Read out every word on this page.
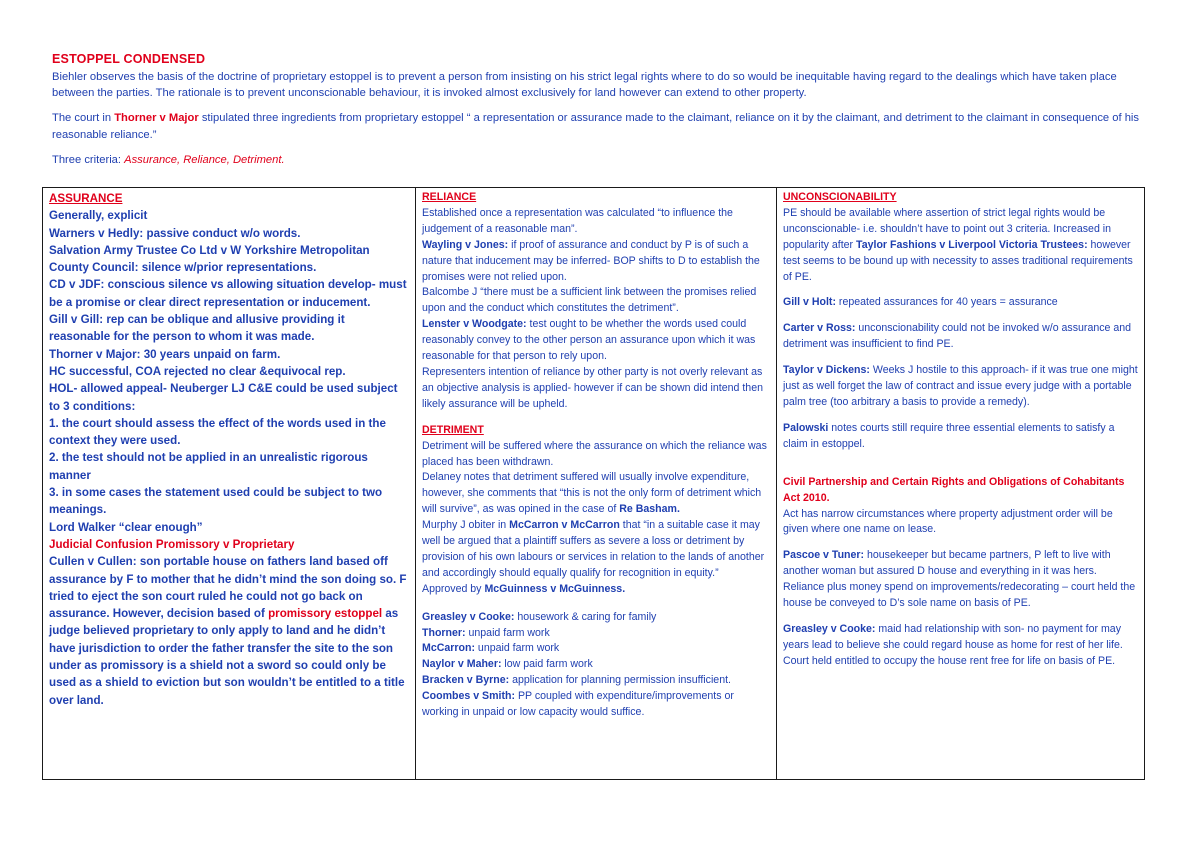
ESTOPPEL CONDENSED

Biehler observes the basis of the doctrine of proprietary estoppel is to prevent a person from insisting on his strict legal rights where to do so would be inequitable having regard to the dealings which have taken place between the parties. The rationale is to prevent unconscionable behaviour, it is invoked almost exclusively for land however can extend to other property.

The court in Thorner v Major stipulated three ingredients from proprietary estoppel “ a representation or assurance made to the claimant, reliance on it by the claimant, and detriment to the claimant in consequence of his reasonable reliance.”

Three criteria: Assurance, Reliance, Detriment.

ASSURANCE
Generally, explicit
Warners v Hedly: passive conduct w/o words.
Salvation Army Trustee Co Ltd v W Yorkshire Metropolitan County Council: silence w/prior representations.
CD v JDF: conscious silence vs allowing situation develop- must be a promise or clear direct representation or inducement.
Gill v Gill: rep can be oblique and allusive providing it reasonable for the person to whom it was made.
Thorner v Major: 30 years unpaid on farm.
HC successful, COA rejected no clear &equivocal rep.
HOL- allowed appeal- Neuberger LJ C&E could be used subject to 3 conditions:
1. the court should assess the effect of the words used in the context they were used.
2. the test should not be applied in an unrealistic rigorous manner
3. in some cases the statement used could be subject to two meanings.
Lord Walker “clear enough”
Judicial Confusion Promissory v Proprietary
Cullen v Cullen: son portable house on fathers land based off assurance by F to mother that he didn’t mind the son doing so. F tried to eject the son court ruled he could not go back on assurance. However, decision based of promissory estoppel as judge believed proprietary to only apply to land and he didn’t have jurisdiction to order the father transfer the site to the son under as promissory is a shield not a sword so could only be used as a shield to eviction but son wouldn’t be entitled to a title over land.

RELIANCE
Established once a representation was calculated “to influence the judgement of a reasonable man”.
Wayling v Jones: if proof of assurance and conduct by P is of such a nature that inducement may be inferred- BOP shifts to D to establish the promises were not relied upon.
Balcombe J “there must be a sufficient link between the promises relied upon and the conduct which constitutes the detriment”.
Lenster v Woodgate: test ought to be whether the words used could reasonably convey to the other person an assurance upon which it was reasonable for that person to rely upon.
Representers intention of reliance by other party is not overly relevant as an objective analysis is applied- however if can be shown did intend then likely assurance will be upheld.
DETRIMENT
Detriment will be suffered where the assurance on which the reliance was placed has been withdrawn.
Delaney notes that detriment suffered will usually involve expenditure, however, she comments that “this is not the only form of detriment which will survive”, as was opined in the case of Re Basham.
Murphy J obiter in McCarron v McCarron that “in a suitable case it may well be argued that a plaintiff suffers as severe a loss or detriment by provision of his own labours or services in relation to the lands of another and accordingly should equally qualify for recognition in equity.”
Approved by McGuinness v McGuinness.
Greasley v Cooke: housework & caring for family
Thorner: unpaid farm work
McCarron: unpaid farm work
Naylor v Maher: low paid farm work
Bracken v Byrne: application for planning permission insufficient.
Coombes v Smith: PP coupled with expenditure/improvements or working in unpaid or low capacity would suffice.

UNCONSCIONABILITY
PE should be available where assertion of strict legal rights would be unconscionable- i.e. shouldn’t have to point out 3 criteria. Increased in popularity after Taylor Fashions v Liverpool Victoria Trustees: however test seems to be bound up with necessity to asses traditional requirements of PE.
Gill v Holt: repeated assurances for 40 years = assurance
Carter v Ross: unconscionability could not be invoked w/o assurance and detriment was insufficient to find PE.
Taylor v Dickens: Weeks J hostile to this approach- if it was true one might just as well forget the law of contract and issue every judge with a portable palm tree (too arbitrary a basis to provide a remedy).
Palowski notes courts still require three essential elements to satisfy a claim in estoppel.
Civil Partnership and Certain Rights and Obligations of Cohabitants Act 2010.
Act has narrow circumstances where property adjustment order will be given where one name on lease.
Pascoe v Tuner: housekeeper but became partners, P left to live with another woman but assured D house and everything in it was hers. Reliance plus money spend on improvements/redecorating – court held the house be conveyed to D’s sole name on basis of PE.
Greasley v Cooke: maid had relationship with son- no payment for may years lead to believe she could regard house as home for rest of her life. Court held entitled to occupy the house rent free for life on basis of PE.
